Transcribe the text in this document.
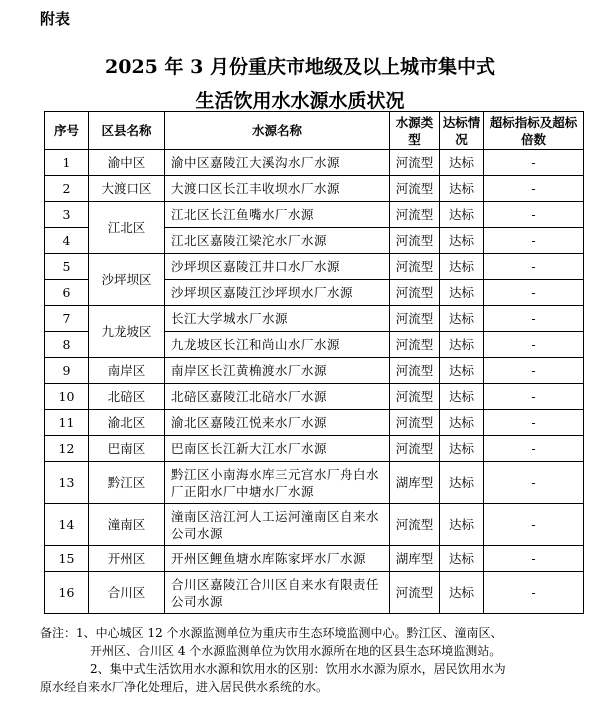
附表
2025 年 3 月份重庆市地级及以上城市集中式
生活饮用水水源水质状况
序号	区县名称	水源名称	水源类型	达标情况	超标指标及超标倍数
1	渝中区	渝中区嘉陵江大溪沟水厂水源	河流型	达标	-
2	大渡口区	大渡口区长江丰收坝水厂水源	河流型	达标	-
3	江北区	江北区长江鱼嘴水厂水源	河流型	达标	-
4		江北区嘉陵江梁沱水厂水源	河流型	达标	-
5	沙坪坝区	沙坪坝区嘉陵江井口水厂水源	河流型	达标	-
6		沙坪坝区嘉陵江沙坪坝水厂水源	河流型	达标	-
7	九龙坡区	长江大学城水厂水源	河流型	达标	-
8		九龙坡区长江和尚山水厂水源	河流型	达标	-
9	南岸区	南岸区长江黄桷渡水厂水源	河流型	达标	-
10	北碚区	北碚区嘉陵江北碚水厂水源	河流型	达标	-
11	渝北区	渝北区嘉陵江悦来水厂水源	河流型	达标	-
12	巴南区	巴南区长江新大江水厂水源	河流型	达标	-
13	黔江区	黔江区小南海水库三元宫水厂舟白水厂正阳水厂中塘水厂水源	湖库型	达标	-
14	潼南区	潼南区涪江河人工运河潼南区自来水公司水源	河流型	达标	-
15	开州区	开州区鲤鱼塘水库陈家坪水厂水源	湖库型	达标	-
16	合川区	合川区嘉陵江合川区自来水有限责任公司水源	河流型	达标	-

备注：1、中心城区 12 个水源监测单位为重庆市生态环境监测中心。黔江区、潼南区、

开州区、合川区 4 个水源监测单位为饮用水源所在地的区县生态环境监测站。

2、集中式生活饮用水水源和饮用水的区别：饮用水水源为原水，居民饮用水为

原水经自来水厂净化处理后，进入居民供水系统的水。
